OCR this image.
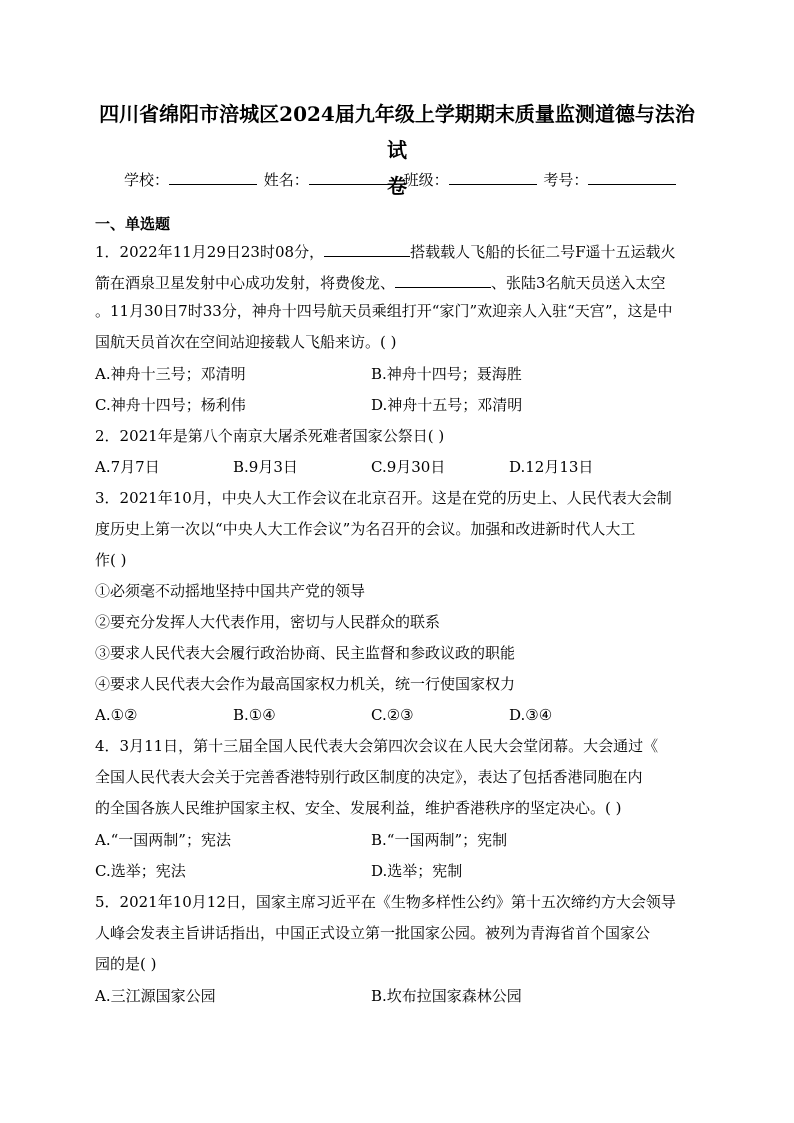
四川省绵阳市涪城区2024届九年级上学期期末质量监测道德与法治试
卷
学校：	姓名：	班级：	考号：
一、单选题
1．2022年11月29日23时08分，	搭载载人飞船的长征二号F遥十五运载火
箭在酒泉卫星发射中心成功发射，将费俊龙、	、张陆3名航天员送入太空
。11月30日7时33分，神舟十四号航天员乘组打开“家门”欢迎亲人入驻“天宫”，这是中
国航天员首次在空间站迎接载人飞船来访。( )
A.神舟十三号；邓清明	B.神舟十四号；聂海胜
C.神舟十四号；杨利伟	D.神舟十五号；邓清明
2．2021年是第八个南京大屠杀死难者国家公祭日( )
A.7月7日	B.9月3日	C.9月30日	D.12月13日
3．2021年10月，中央人大工作会议在北京召开。这是在党的历史上、人民代表大会制
度历史上第一次以“中央人大工作会议”为名召开的会议。加强和改进新时代人大工
作( )
①必须毫不动摇地坚持中国共产党的领导
②要充分发挥人大代表作用，密切与人民群众的联系
③要求人民代表大会履行政治协商、民主监督和参政议政的职能
④要求人民代表大会作为最高国家权力机关，统一行使国家权力
A.①②	B.①④	C.②③	D.③④
4．3月11日，第十三届全国人民代表大会第四次会议在人民大会堂闭幕。大会通过《
全国人民代表大会关于完善香港特别行政区制度的决定》，表达了包括香港同胞在内
的全国各族人民维护国家主权、安全、发展利益，维护香港秩序的坚定决心。( )
A.“一国两制”；宪法	B.“一国两制”；宪制
C.选举；宪法	D.选举；宪制
5．2021年10月12日，国家主席习近平在《生物多样性公约》第十五次缔约方大会领导
人峰会发表主旨讲话指出，中国正式设立第一批国家公园。被列为青海省首个国家公
园的是( )
A.三江源国家公园	B.坎布拉国家森林公园
